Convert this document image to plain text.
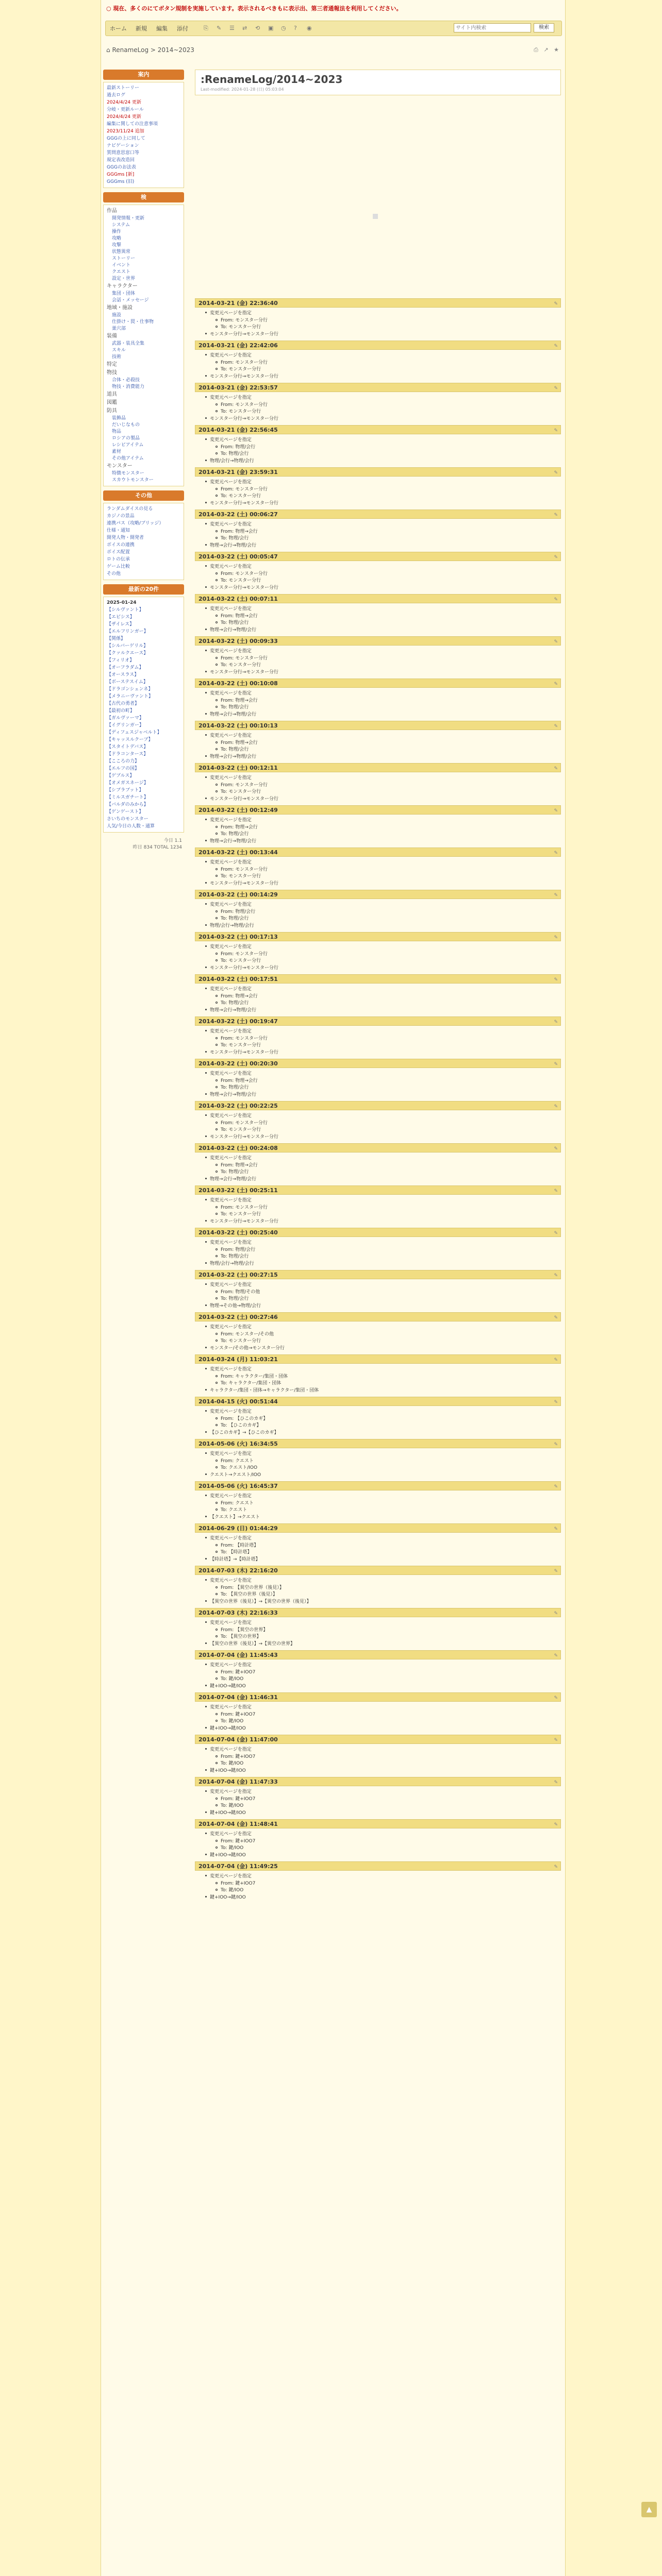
○ 現在、多くのにてボタン規制を実施しています。表示されるべきもに表示出、第三者通報法を利用してください。
ホーム 新規 編集 添付	⎘	✎	☰	⇄	⟲	▣	◷	?	◉
サイト内検索	検索
⌂ RenameLog > 2014~2023	⎙ ↗ ★
案内
最新ストーリー
過去ログ
2024/4/24 更新
分岐・更新ルール
2024/4/24 更新
編集に関しての注意事項
2023/11/24 追加
GGGの上に同して
ナビゲーション
質問意思窓口等
規定表改造回
GGGのお法表
GGGms [新]
GGGms (旧)
検
作品
開発情報・更新
システム
操作
攻略
攻撃
状態異常
ストーリー
イベント
クエスト
設定・世界
キャラクター
集団・団体
会話・メッセージ
地域・施設
施設
仕掛け・罠・仕事物
巣穴部
装備
武器・装具全集
スキル
技術
特定
物技
合体・必殺技
物技・消費能力
道具
図鑑
防具
装飾品
だいじなもの
物品
ロシアの製品
レシピアイテム
素材
その他アイテム
モンスター
特徴モンスター
スカウトモンスター
その他
ランダムダイスの見る
カジノの景品
連携パス（攻略/ブリッジ）
仕様・通知
開発人物・開発者
ボイスの連携
ボイス配置
ロトの伝承
ゲーム比較
その他
最新の20件
2025-01-24
【シルヴァント】
【エビシス】
【ザイレス】
【エルフリンガー】
【関係】
【シルバーゲリル】
【クァルクエース】
【フィリオ】
【オーフラダム】
【オースラス】
【ボーステスイム】
【ドラゴンシェンネ】
【メラニーヴァント】
【古代の勇者】
【最初の町】
【ガルヴァーマ】
【イグリンガー】
【ディフェスジャベルト】
【キャッスルクーブ】
【スタイトデバス】
【ドラコンタース】
【こころの力】
【エルフの国】
【ゲブルス】
【オメガスネージ】
【シブラブット】
【ミルスガチート】
【バルダのみから】
【ゲンゲースト】
さいちのモンスター
人気/今日の人数・通算
今日 1.1
昨日 834 TOTAL 1234
:RenameLog/2014~2023
Last-modified: 2024-01-28 (日) 05:03:04
2014-03-21 (金) 22:36:40	✎
変更元ページを指定
From: モンスター分行
To: モンスター分行
モンスター分行→モンスター分行
2014-03-21 (金) 22:42:06	✎
変更元ページを指定
From: モンスター分行
To: モンスター分行
モンスター分行→モンスター分行
2014-03-21 (金) 22:53:57	✎
変更元ページを指定
From: モンスター分行
To: モンスター分行
モンスター分行→モンスター分行
2014-03-21 (金) 22:56:45	✎
変更元ページを指定
From: 物理/会行
To: 物理/会行
物理/会行→物理/会行
2014-03-21 (金) 23:59:31	✎
変更元ページを指定
From: モンスター分行
To: モンスター分行
モンスター分行→モンスター分行
2014-03-22 (土) 00:06:27	✎
変更元ページを指定
From: 物理→会行
To: 物理/会行
物理→会行→物理/会行
2014-03-22 (土) 00:05:47	✎
変更元ページを指定
From: モンスター分行
To: モンスター分行
モンスター分行→モンスター分行
2014-03-22 (土) 00:07:11	✎
変更元ページを指定
From: 物理→会行
To: 物理/会行
物理→会行→物理/会行
2014-03-22 (土) 00:09:33	✎
変更元ページを指定
From: モンスター分行
To: モンスター分行
モンスター分行→モンスター分行
2014-03-22 (土) 00:10:08	✎
変更元ページを指定
From: 物理→会行
To: 物理/会行
物理→会行→物理/会行
2014-03-22 (土) 00:10:13	✎
変更元ページを指定
From: 物理→会行
To: 物理/会行
物理→会行→物理/会行
2014-03-22 (土) 00:12:11	✎
変更元ページを指定
From: モンスター分行
To: モンスター分行
モンスター分行→モンスター分行
2014-03-22 (土) 00:12:49	✎
変更元ページを指定
From: 物理→会行
To: 物理/会行
物理→会行→物理/会行
2014-03-22 (土) 00:13:44	✎
変更元ページを指定
From: モンスター分行
To: モンスター分行
モンスター分行→モンスター分行
2014-03-22 (土) 00:14:29	✎
変更元ページを指定
From: 物理/会行
To: 物理/会行
物理/会行→物理/会行
2014-03-22 (土) 00:17:13	✎
変更元ページを指定
From: モンスター分行
To: モンスター分行
モンスター分行→モンスター分行
2014-03-22 (土) 00:17:51	✎
変更元ページを指定
From: 物理→会行
To: 物理/会行
物理→会行→物理/会行
2014-03-22 (土) 00:19:47	✎
変更元ページを指定
From: モンスター分行
To: モンスター分行
モンスター分行→モンスター分行
2014-03-22 (土) 00:20:30	✎
変更元ページを指定
From: 物理→会行
To: 物理/会行
物理→会行→物理/会行
2014-03-22 (土) 00:22:25	✎
変更元ページを指定
From: モンスター分行
To: モンスター分行
モンスター分行→モンスター分行
2014-03-22 (土) 00:24:08	✎
変更元ページを指定
From: 物理→会行
To: 物理/会行
物理→会行→物理/会行
2014-03-22 (土) 00:25:11	✎
変更元ページを指定
From: モンスター分行
To: モンスター分行
モンスター分行→モンスター分行
2014-03-22 (土) 00:25:40	✎
変更元ページを指定
From: 物理/会行
To: 物理/会行
物理/会行→物理/会行
2014-03-22 (土) 00:27:15	✎
変更元ページを指定
From: 物理/その他
To: 物理/会行
物理→その他→物理/会行
2014-03-22 (土) 00:27:46	✎
変更元ページを指定
From: モンスター/その他
To: モンスター分行
モンスター/その他→モンスター分行
2014-03-24 (月) 11:03:21	✎
変更元ページを指定
From: キャラクター/集団・団体
To: キャラクター/集団・団体
キャラクター/集団・団体→キャラクター/集団・団体
2014-04-15 (火) 00:51:44	✎
変更元ページを指定
From: 【ひこのカギ】
To: 【ひこのカギ】
【ひこのカギ】→【ひこのカギ】
2014-05-06 (火) 16:34:55	✎
変更元ページを指定
From: クエスト
To: クエスト/IOO
クエスト→クエスト/IOO
2014-05-06 (火) 16:45:37	✎
変更元ページを指定
From: クエスト
To: クエスト
【クエスト】→クエスト
2014-06-29 (日) 01:44:29	✎
変更元ページを指定
From: 【時計塔】
To: 【時計塔】
【時計塔】→【時計塔】
2014-07-03 (木) 22:16:20	✎
変更元ページを指定
From: 【異空の世界（後見）】
To: 【異空の世界（後見）】
【異空の世界（後見）】→【異空の世界（後見）】
2014-07-03 (木) 22:16:33	✎
変更元ページを指定
From: 【異空の世界】
To: 【異空の世界】
【異空の世界（後見）】→【異空の世界】
2014-07-04 (金) 11:45:43	✎
変更元ページを指定
From: 鍵+IOO7
To: 鍵/IOO
鍵+IOO→鍵/IOO
2014-07-04 (金) 11:46:31	✎
変更元ページを指定
From: 鍵+IOO7
To: 鍵/IOO
鍵+IOO→鍵/IOO
2014-07-04 (金) 11:47:00	✎
変更元ページを指定
From: 鍵+IOO7
To: 鍵/IOO
鍵+IOO→鍵/IOO
2014-07-04 (金) 11:47:33	✎
変更元ページを指定
From: 鍵+IOO7
To: 鍵/IOO
鍵+IOO→鍵/IOO
2014-07-04 (金) 11:48:41	✎
変更元ページを指定
From: 鍵+IOO7
To: 鍵/IOO
鍵+IOO→鍵/IOO
2014-07-04 (金) 11:49:25	✎
変更元ページを指定
From: 鍵+IOO7
To: 鍵/IOO
鍵+IOO→鍵/IOO
▲
